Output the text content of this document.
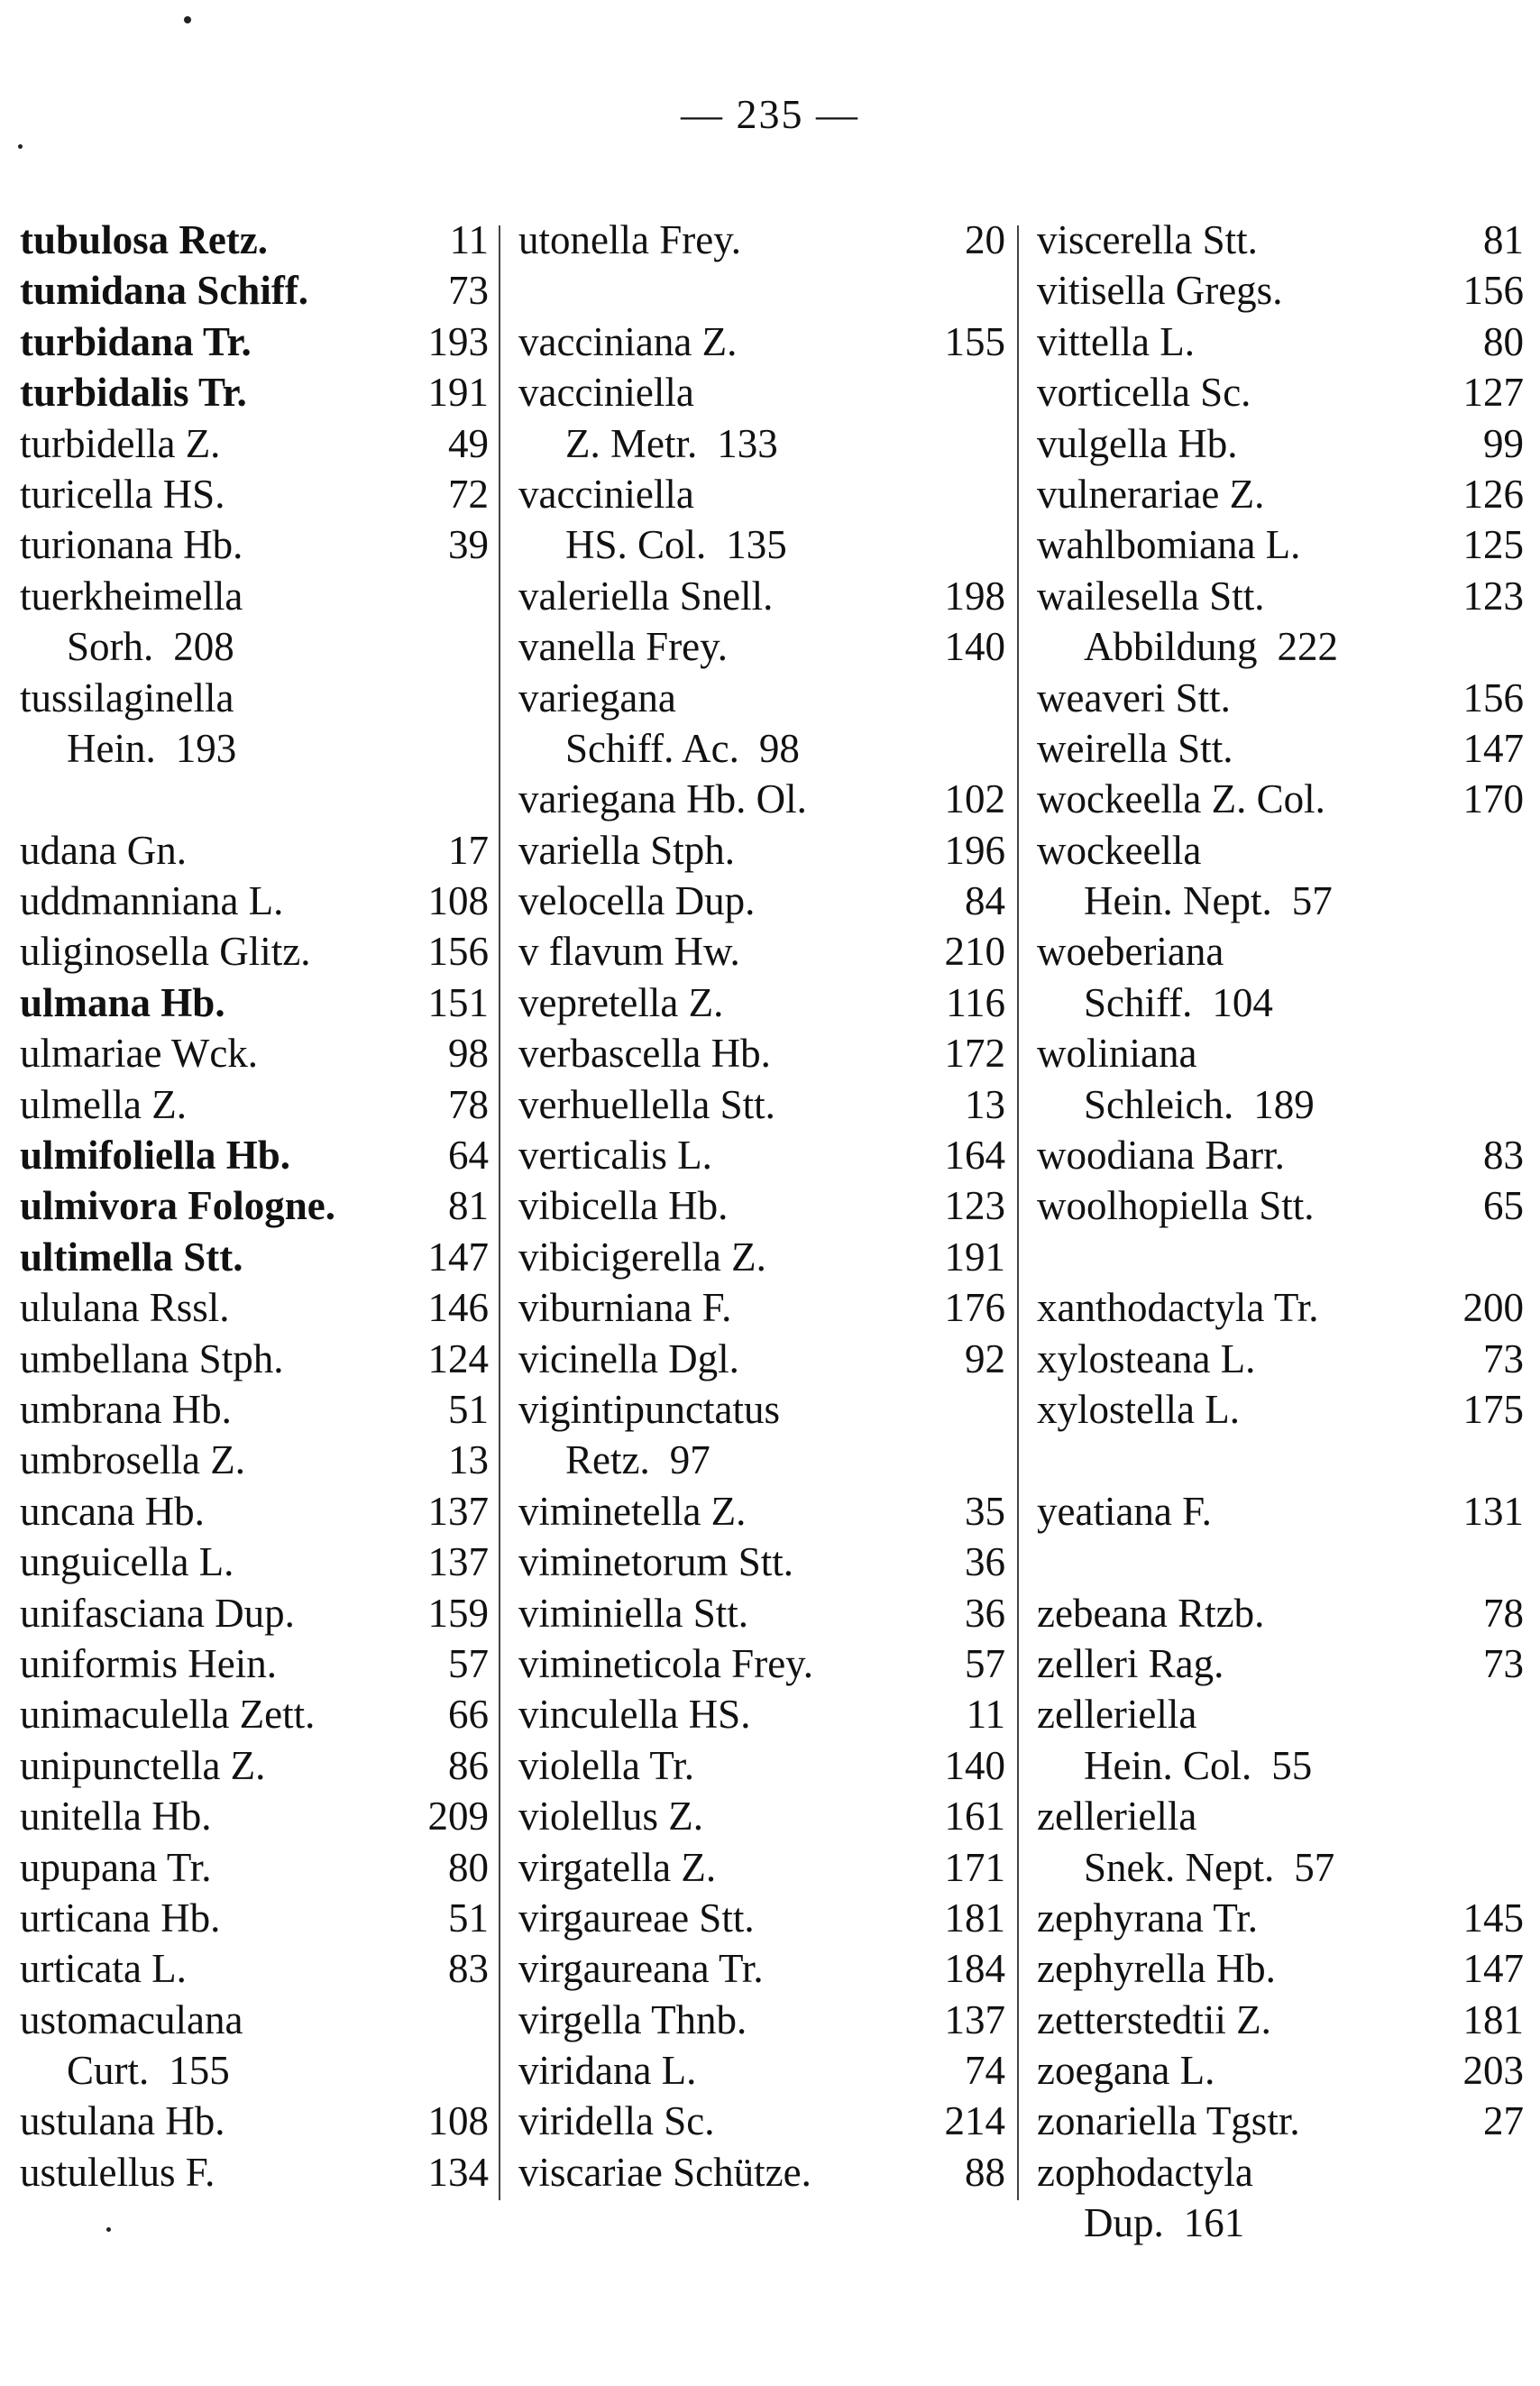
— 235 —
tubulosa Retz.	11
tumidana Schiff.	73
turbidana Tr.	193
turbidalis Tr.	191
turbidella Z.	49
turicella HS.	72
turionana Hb.	39
tuerkheimella
Sorh. 208
tussilaginella
Hein. 193
udana Gn.	17
uddmanniana L.	108
uliginosella Glitz.	156
ulmana Hb.	151
ulmariae Wck.	98
ulmella Z.	78
ulmifoliella Hb.	64
ulmivora Fologne.	81
ultimella Stt.	147
ululana Rssl.	146
umbellana Stph.	124
umbrana Hb.	51
umbrosella Z.	13
uncana Hb.	137
unguicella L.	137
unifasciana Dup.	159
uniformis Hein.	57
unimaculella Zett.	66
unipunctella Z.	86
unitella Hb.	209
upupana Tr.	80
urticana Hb.	51
urticata L.	83
ustomaculana
Curt. 155
ustulana Hb.	108
ustulellus F.	134
utonella Frey.	20
vacciniana Z.	155
vacciniella
Z. Metr. 133
vacciniella
HS. Col. 135
valeriella Snell.	198
vanella Frey.	140
variegana
Schiff. Ac. 98
variegana Hb. Ol.	102
variella Stph.	196
velocella Dup.	84
v flavum Hw.	210
vepretella Z.	116
verbascella Hb.	172
verhuellella Stt.	13
verticalis L.	164
vibicella Hb.	123
vibicigerella Z.	191
viburniana F.	176
vicinella Dgl.	92
vigintipunctatus
Retz. 97
viminetella Z.	35
viminetorum Stt.	36
viminiella Stt.	36
vimineticola Frey.	57
vinculella HS.	11
violella Tr.	140
violellus Z.	161
virgatella Z.	171
virgaureae Stt.	181
virgaureana Tr.	184
virgella Thnb.	137
viridana L.	74
viridella Sc.	214
viscariae Schütze.	88
viscerella Stt.	81
vitisella Gregs.	156
vittella L.	80
vorticella Sc.	127
vulgella Hb.	99
vulnerariae Z.	126
wahlbomiana L.	125
wailesella Stt.	123
Abbildung 222
weaveri Stt.	156
weirella Stt.	147
wockeella Z. Col.	170
wockeella
Hein. Nept. 57
woeberiana
Schiff. 104
woliniana
Schleich. 189
woodiana Barr.	83
woolhopiella Stt.	65
xanthodactyla Tr.	200
xylosteana L.	73
xylostella L.	175
yeatiana F.	131
zebeana Rtzb.	78
zelleri Rag.	73
zelleriella
Hein. Col. 55
zelleriella
Snek. Nept. 57
zephyrana Tr.	145
zephyrella Hb.	147
zetterstedtii Z.	181
zoegana L.	203
zonariella Tgstr.	27
zophodactyla
Dup. 161
